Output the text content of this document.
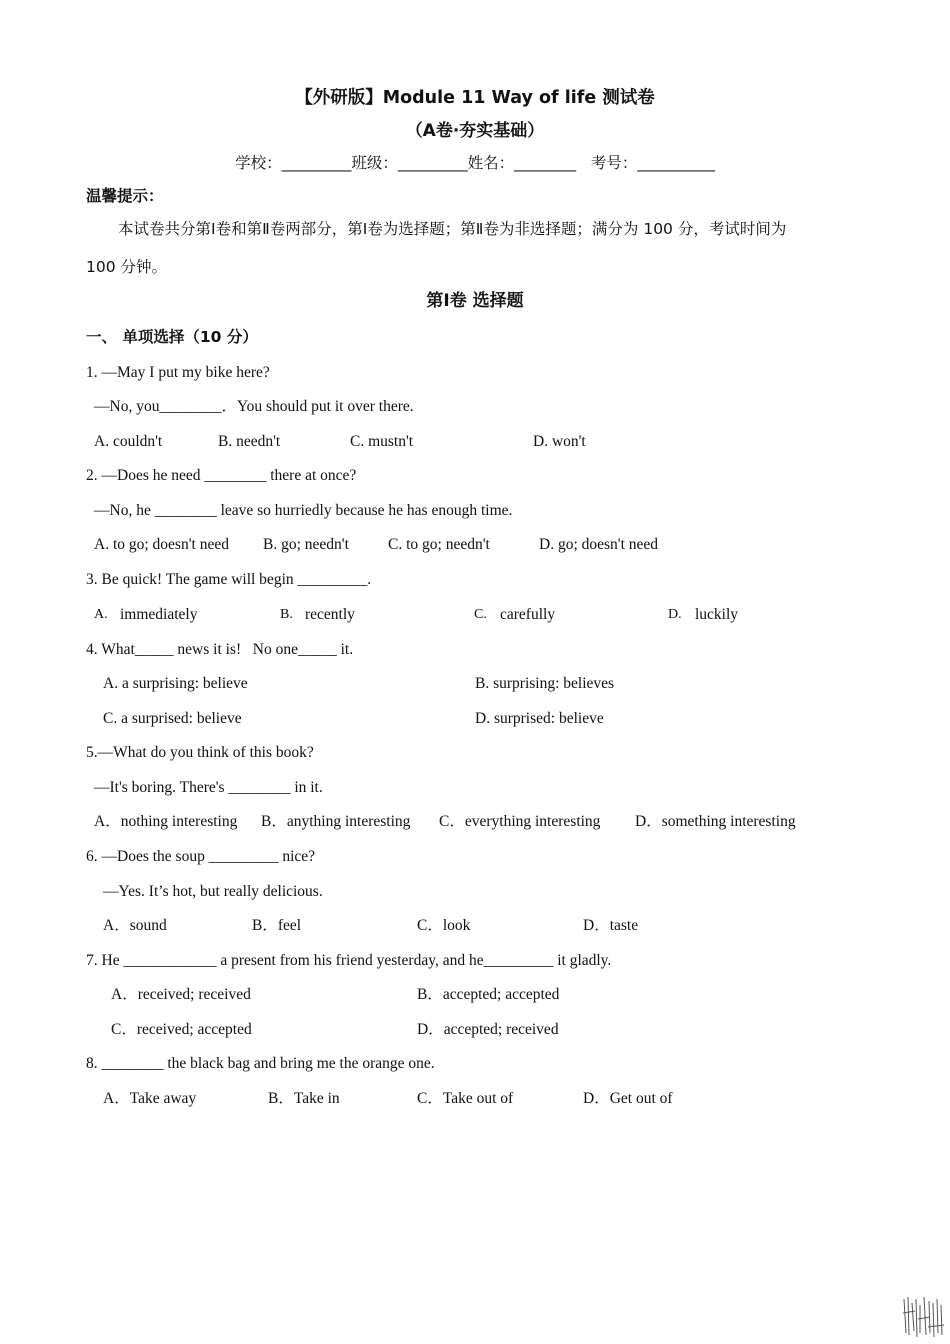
【外研版】Module 11 Way of life 测试卷
（A卷·夯实基础）
学校：_________班级：_________姓名：________   考号：__________
温馨提示：
本试卷共分第Ⅰ卷和第Ⅱ卷两部分，第Ⅰ卷为选择题；第Ⅱ卷为非选择题；满分为 100 分，考试时间为
100 分钟。
第Ⅰ卷 选择题
一、 单项选择（10 分）
1. —May I put my bike here?
—No, you________．You should put it over there.
A. couldn't	B. needn't	C. mustn't	D. won't
2. —Does he need ________ there at once?
—No, he ________ leave so hurriedly because he has enough time.
A. to go; doesn't need B. go; needn't	C. to go; needn't	D. go; doesn't need
3. Be quick! The game will begin _________.
A. immediately	B. recently	C. carefully	D. luckily
4. What_____ news it is!   No one_____ it.
A. a surprising: believe	B. surprising: believes
C. a surprised: believe	D. surprised: believe
5.—What do you think of this book?
—It's boring. There's ________ in it.
A．nothing interesting B．anything interesting C．everything interesting D．something interesting
6. —Does the soup _________ nice?
—Yes. It’s hot, but really delicious.
A．sound	B．feel	C．look	D．taste
7. He ____________ a present from his friend yesterday, and he_________ it gladly.
A．received; received	B．accepted; accepted
C．received; accepted	D．accepted; received
8. ________ the black bag and bring me the orange one.
A．Take away	B．Take in	C．Take out of	D．Get out of
